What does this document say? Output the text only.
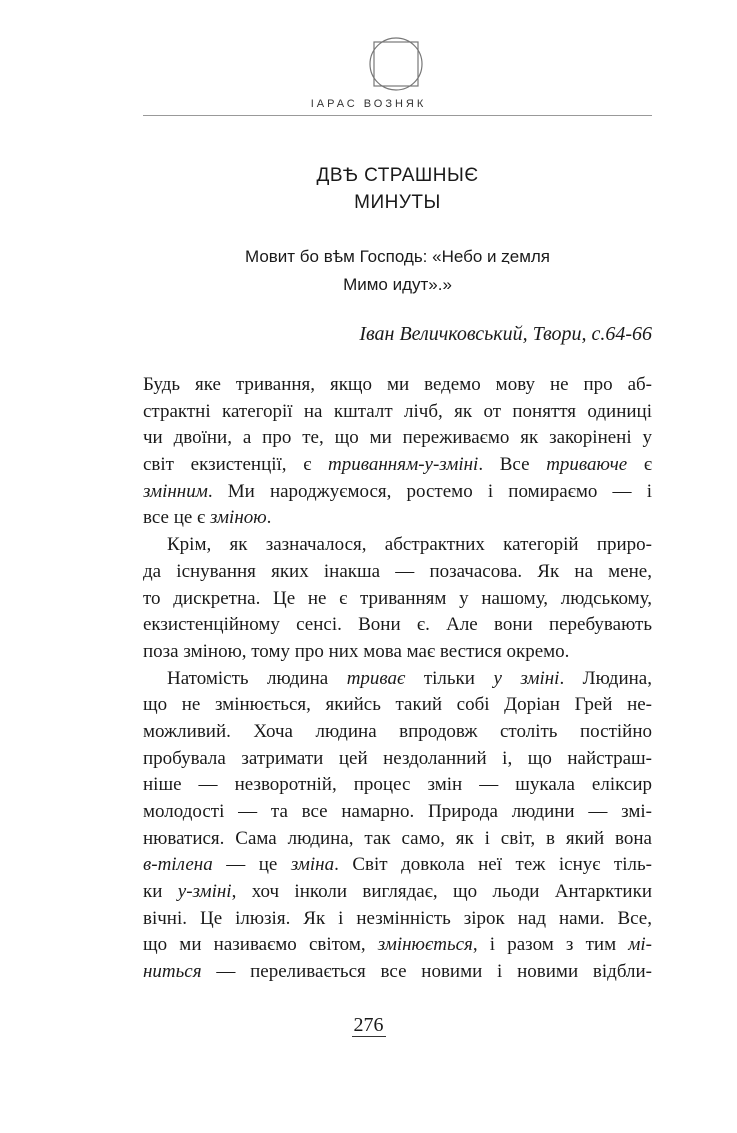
ІАРАС ВОЗНЯК
ДВѢ СТРАШНЫЄ
МИНУТЫ
Мовит бо вѣм Господь: «Небо и ȥемля
Мимо идут».»
Іван Величковський, Твори, с.64-66
Будь яке тривання, якщо ми ведемо мову не про аб-
страктні категорії на кшталт лічб, як от поняття одиниці
чи двоїни, а про те, що ми переживаємо як закорінені у
світ екзистенції, є триванням-у-зміні. Все триваюче є
змінним. Ми народжуємося, ростемо і помираємо — і
все це є зміною.
Крім, як зазначалося, абстрактних категорій приро-
да існування яких інакша — позачасова. Як на мене,
то дискретна. Це не є триванням у нашому, людському,
екзистенційному сенсі. Вони є. Але вони перебувають
поза зміною, тому про них мова має вестися окремо.
Натомість людина триває тільки у зміні. Людина,
що не змінюється, якийсь такий собі Доріан Грей не-
можливий. Хоча людина впродовж століть постійно
пробувала затримати цей нездоланний і, що найстраш-
ніше — незворотній, процес змін — шукала еліксир
молодості — та все намарно. Природа людини — змі-
нюватися. Сама людина, так само, як і світ, в який вона
в-тілена — це зміна. Світ довкола неї теж існує тіль-
ки у-зміні, хоч інколи виглядає, що льоди Антарктики
вічні. Це ілюзія. Як і незмінність зірок над нами. Все,
що ми називаємо світом, змінюється, і разом з тим мі-
ниться — переливається все новими і новими відбли-
276
